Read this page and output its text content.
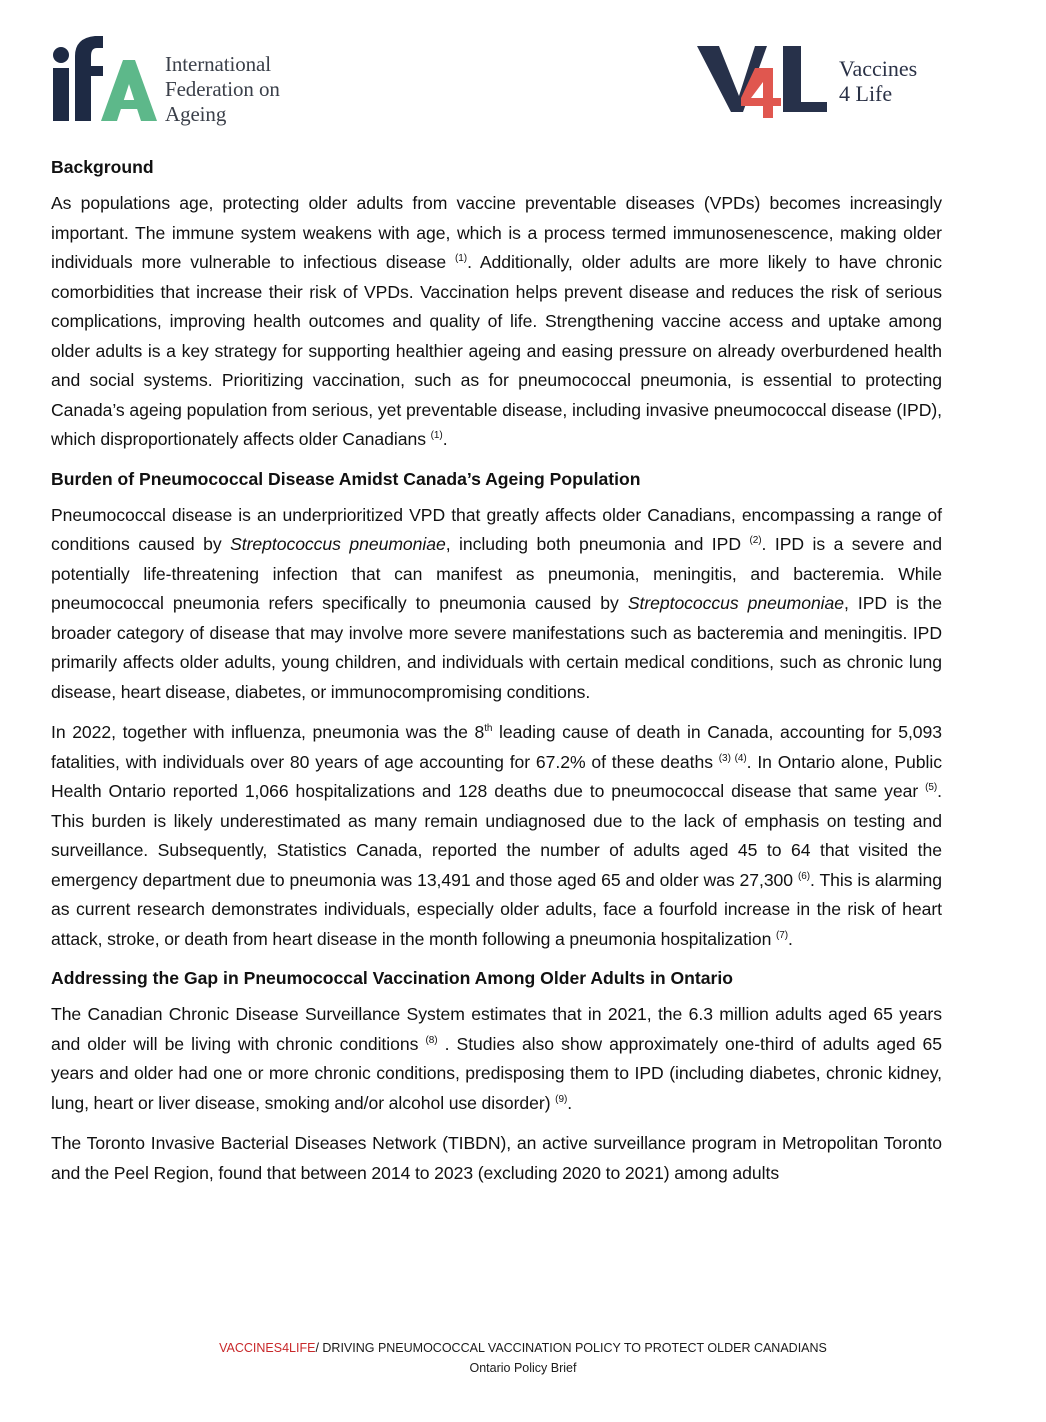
International
Federation on
Ageing
Vaccines
4 Life
Background

As populations age, protecting older adults from vaccine preventable diseases (VPDs) becomes increasingly important. The immune system weakens with age, which is a process termed immunosenescence, making older individuals more vulnerable to infectious disease $^{(1)}$. Additionally, older adults are more likely to have chronic comorbidities that increase their risk of VPDs. Vaccination helps prevent disease and reduces the risk of serious complications, improving health outcomes and quality of life. Strengthening vaccine access and uptake among older adults is a key strategy for supporting healthier ageing and easing pressure on already overburdened health and social systems. Prioritizing vaccination, such as for pneumococcal pneumonia, is essential to protecting Canada’s ageing population from serious, yet preventable disease, including invasive pneumococcal disease (IPD), which disproportionately affects older Canadians $^{(1)}$.

Burden of Pneumococcal Disease Amidst Canada’s Ageing Population

Pneumococcal disease is an underprioritized VPD that greatly affects older Canadians, encompassing a range of conditions caused by Streptococcus pneumoniae, including both pneumonia and IPD $^{(2)}$. IPD is a severe and potentially life-threatening infection that can manifest as pneumonia, meningitis, and bacteremia. While pneumococcal pneumonia refers specifically to pneumonia caused by Streptococcus pneumoniae, IPD is the broader category of disease that may involve more severe manifestations such as bacteremia and meningitis. IPD primarily affects older adults, young children, and individuals with certain medical conditions, such as chronic lung disease, heart disease, diabetes, or immunocompromising conditions.

In 2022, together with influenza, pneumonia was the 8th leading cause of death in Canada, accounting for 5,093 fatalities, with individuals over 80 years of age accounting for 67.2% of these deaths $^{(3) (4)}$. In Ontario alone, Public Health Ontario reported 1,066 hospitalizations and 128 deaths due to pneumococcal disease that same year $^{(5)}$. This burden is likely underestimated as many remain undiagnosed due to the lack of emphasis on testing and surveillance. Subsequently, Statistics Canada, reported the number of adults aged 45 to 64 that visited the emergency department due to pneumonia was 13,491 and those aged 65 and older was 27,300 $^{(6)}$. This is alarming as current research demonstrates individuals, especially older adults, face a fourfold increase in the risk of heart attack, stroke, or death from heart disease in the month following a pneumonia hospitalization $^{(7)}$.

Addressing the Gap in Pneumococcal Vaccination Among Older Adults in Ontario

The Canadian Chronic Disease Surveillance System estimates that in 2021, the 6.3 million adults aged 65 years and older will be living with chronic conditions $^{(8)}$ . Studies also show approximately one-third of adults aged 65 years and older had one or more chronic conditions, predisposing them to IPD (including diabetes, chronic kidney, lung, heart or liver disease, smoking and/or alcohol use disorder) $^{(9)}$.

The Toronto Invasive Bacterial Diseases Network (TIBDN), an active surveillance program in Metropolitan Toronto and the Peel Region, found that between 2014 to 2023 (excluding 2020 to 2021) among adults

VACCINES4LIFE/ DRIVING PNEUMOCOCCAL VACCINATION POLICY TO PROTECT OLDER CANADIANS
Ontario Policy Brief
